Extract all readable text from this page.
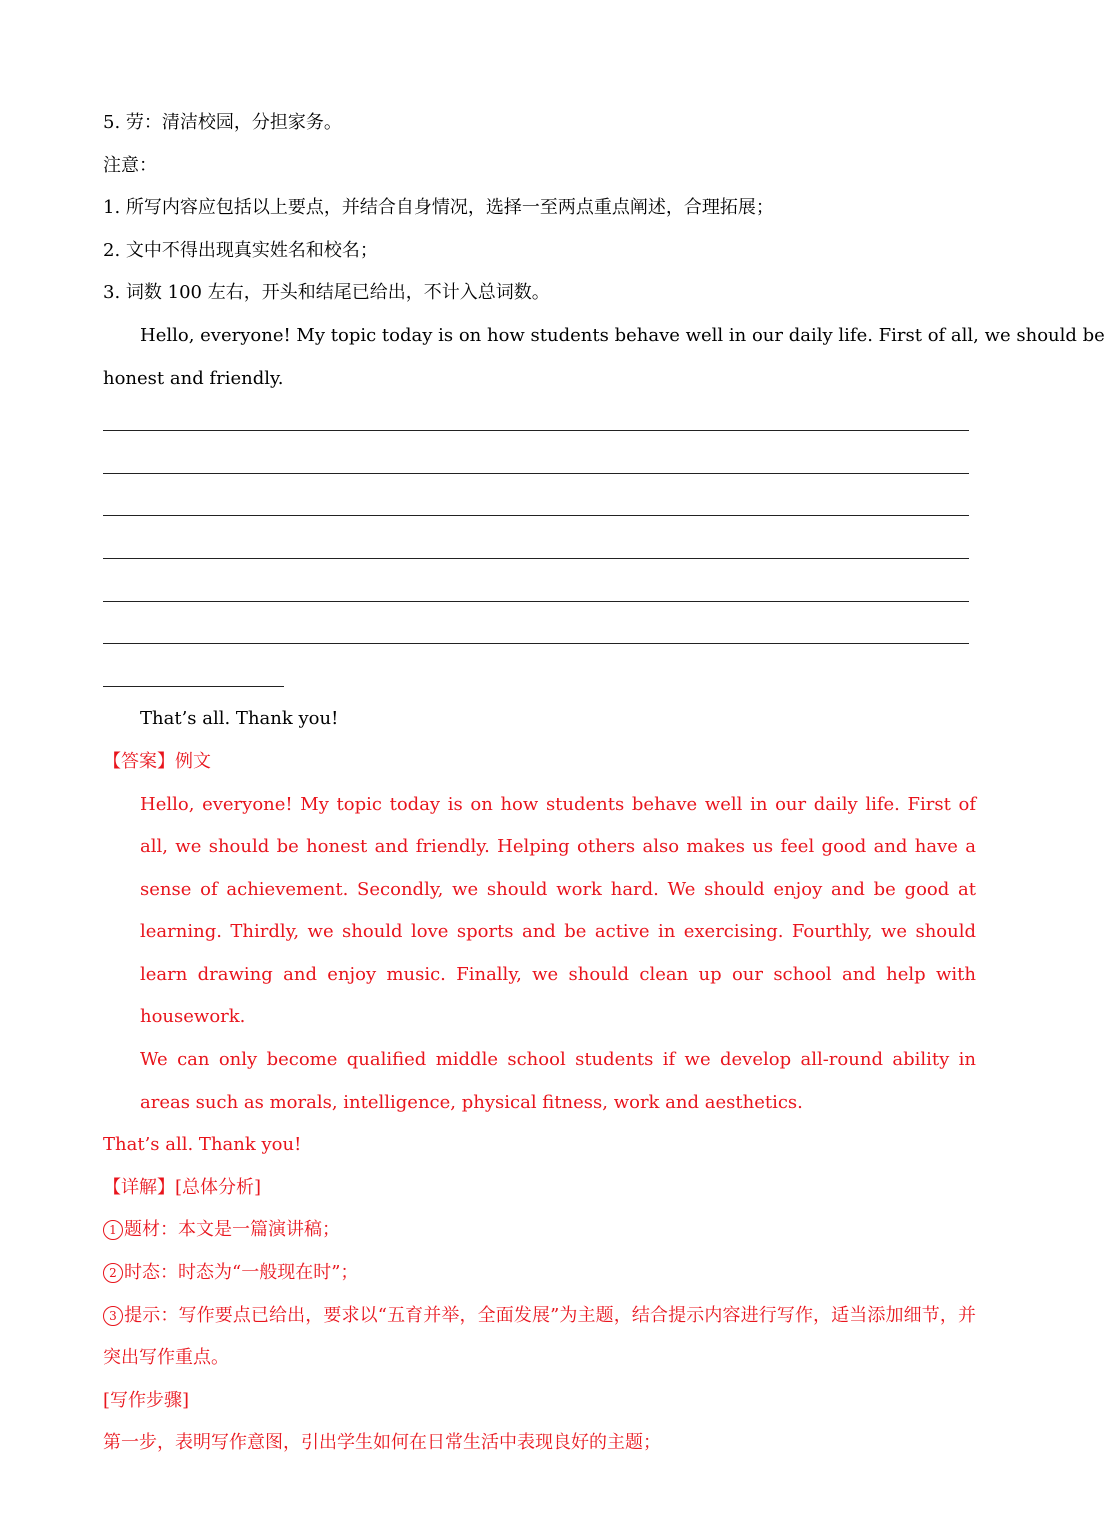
5. 劳：清洁校园，分担家务。
注意：
1. 所写内容应包括以上要点，并结合自身情况，选择一至两点重点阐述，合理拓展；
2. 文中不得出现真实姓名和校名；
3. 词数 100 左右，开头和结尾已给出，不计入总词数。
Hello, everyone! My topic today is on how students behave well in our daily life. First of all, we should be
honest and friendly.
That’s all. Thank you!
【答案】例文
Hello, everyone! My topic today is on how students behave well in our daily life. First of all, we should be honest and friendly. Helping others also makes us feel good and have a sense of achievement. Secondly, we should work hard. We should enjoy and be good at learning. Thirdly, we should love sports and be active in exercising. Fourthly, we should learn drawing and enjoy music. Finally, we should clean up our school and help with housework.
We can only become qualified middle school students if we develop all-round ability in areas such as morals, intelligence, physical fitness, work and aesthetics.
That’s all. Thank you!
【详解】[总体分析]
1 题材：本文是一篇演讲稿；
2 时态：时态为“一般现在时”；
3 提示：写作要点已给出，要求以“五育并举，全面发展”为主题，结合提示内容进行写作，适当添加细节，并突出写作重点。
[写作步骤]
第一步，表明写作意图，引出学生如何在日常生活中表现良好的主题；
